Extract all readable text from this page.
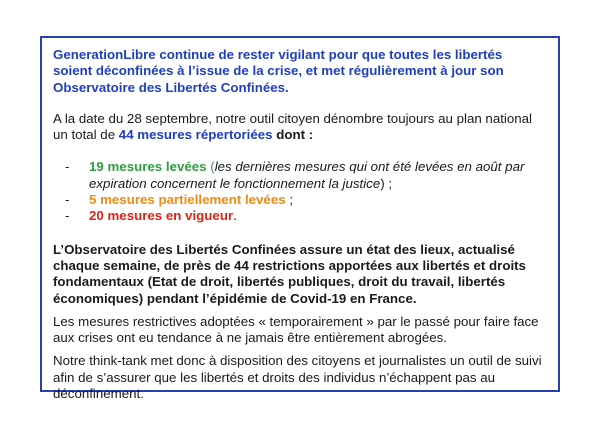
GenerationLibre continue de rester vigilant pour que toutes les libertés soient déconfinées à l’issue de la crise, et met régulièrement à jour son Observatoire des Libertés Confinées.

A la date du 28 septembre, notre outil citoyen dénombre toujours au plan national un total de 44 mesures répertoriées dont :

- 19 mesures levées (les dernières mesures qui ont été levées en août par expiration concernent le fonctionnement la justice) ;
- 5 mesures partiellement levées ;
- 20 mesures en vigueur.

L’Observatoire des Libertés Confinées assure un état des lieux, actualisé chaque semaine, de près de 44 restrictions apportées aux libertés et droits fondamentaux (Etat de droit, libertés publiques, droit du travail, libertés économiques) pendant l’épidémie de Covid-19 en France.

Les mesures restrictives adoptées « temporairement » par le passé pour faire face aux crises ont eu tendance à ne jamais être entièrement abrogées.

Notre think-tank met donc à disposition des citoyens et journalistes un outil de suivi afin de s’assurer que les libertés et droits des individus n’échappent pas au déconfinement.
